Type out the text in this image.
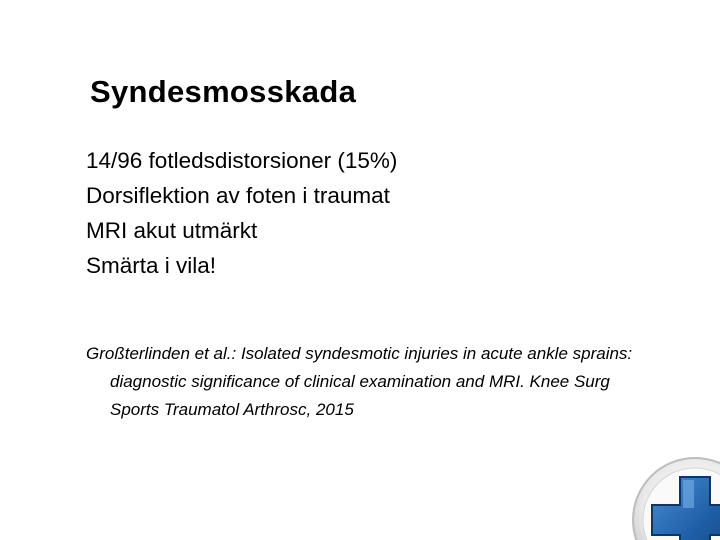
Syndesmosskada
14/96 fotledsdistorsioner (15%)
Dorsiflektion av foten i traumat
MRI akut utmärkt
Smärta i vila!

Großterlinden et al.: Isolated syndesmotic injuries in acute ankle sprains: diagnostic significance of clinical examination and MRI. Knee Surg Sports Traumatol Arthrosc, 2015
